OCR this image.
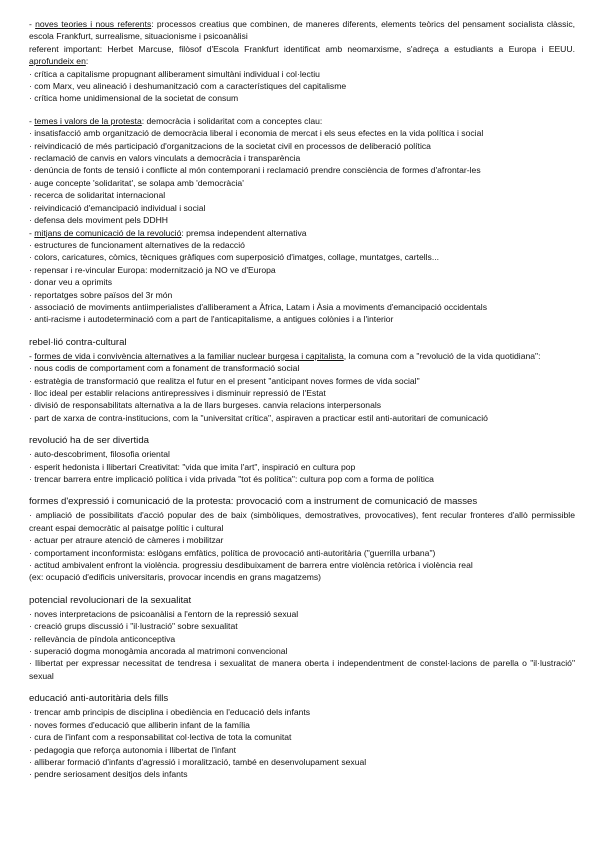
- noves teories i nous referents: processos creatius que combinen, de maneres diferents, elements teòrics del pensament socialista clàssic, escola Frankfurt, surrealisme, situacionisme i psicoanàlisi

referent important: Herbet Marcuse, filòsof d'Escola Frankfurt identificat amb neomarxisme, s'adreça a estudiants a Europa i EEUU. aprofundeix en:

· crítica a capitalisme propugnant alliberament simultàni individual i col·lectiu

· com Marx, veu alineació i deshumanització com a característiques del capitalisme

· crítica home unidimensional de la societat de consum

- temes i valors de la protesta: democràcia i solidaritat com a conceptes clau:

· insatisfacció amb organització de democràcia liberal i economia de mercat i els seus efectes en la vida política i social

· reivindicació de més participació d'organitzacions de la societat civil en processos de deliberació política

· reclamació de canvis en valors vinculats a democràcia i transparència

· denúncia de fonts de tensió i conflicte al món contemporani i reclamació prendre consciència de formes d'afrontar-les

· auge concepte 'solidaritat', se solapa amb 'democràcia'

· recerca de solidaritat internacional

· reivindicació d'emancipació individual i social

· defensa dels moviment pels DDHH

- mitjans de comunicació de la revolució: premsa independent alternativa

· estructures de funcionament alternatives de la redacció

· colors, caricatures, còmics, tècniques gràfiques com superposició d'imatges, collage, muntatges, cartells...

· repensar i re-vincular Europa: modernització ja NO ve d'Europa

· donar veu a oprimits

· reportatges sobre països del 3r món

· associació de moviments antiimperialistes d'alliberament a Àfrica, Latam i Àsia a moviments d'emancipació occidentals

· anti-racisme i autodeterminació com a part de l'anticapitalisme, a antigues colònies i a l'interior

rebel·lió contra-cultural

- formes de vida i convivència alternatives a la familiar nuclear burgesa i capitalista, la comuna com a "revolució de la vida quotidiana":

· nous codis de comportament com a fonament de transformació social

· estratègia de transformació que realitza el futur en el present "anticipant noves formes de vida social"

· lloc ideal per establir relacions antirepressives i disminuir repressió de l'Estat

· divisió de responsabilitats alternativa a la de llars burgeses. canvia relacions interpersonals

· part de xarxa de contra-institucions, com la "universitat crítica", aspiraven a practicar estil anti-autoritari de comunicació

revolució ha de ser divertida

· auto-descobriment, filosofia oriental

· esperit hedonista i llibertari Creativitat: "vida que imita l'art", inspiració en cultura pop

· trencar barrera entre implicació política i vida privada "tot és política": cultura pop com a forma de política

formes d'expressió i comunicació de la protesta: provocació com a instrument de comunicació de masses

· ampliació de possibilitats d'acció popular des de baix (simbòliques, demostratives, provocatives), fent recular fronteres d'allò permissible creant espai democràtic al paisatge polític i cultural

· actuar per atraure atenció de càmeres i mobilitzar

· comportament inconformista: eslògans emfàtics, política de provocació anti-autoritària ("guerrilla urbana")

· actitud ambivalent enfront la violència. progressiu desdibuixament de barrera entre violència retòrica i violència real

(ex: ocupació d'edificis universitaris, provocar incendis en grans magatzems)

potencial revolucionari de la sexualitat

· noves interpretacions de psicoanàlisi a l'entorn de la repressió sexual

· creació grups discussió i "il·lustració" sobre sexualitat

· rellevància de píndola anticonceptiva

· superació dogma monogàmia ancorada al matrimoni convencional

· llibertat per expressar necessitat de tendresa i sexualitat de manera oberta i independentment de constel·lacions de parella o "il·lustració" sexual

educació anti-autoritària dels fills

· trencar amb principis de disciplina i obediència en l'educació dels infants

· noves formes d'educació que alliberin infant de la família

· cura de l'infant com a responsabilitat col·lectiva de tota la comunitat

· pedagogia que reforça autonomia i llibertat de l'infant

· alliberar formació d'infants d'agressió i moralització, també en desenvolupament sexual

· pendre seriosament desitjos dels infants
